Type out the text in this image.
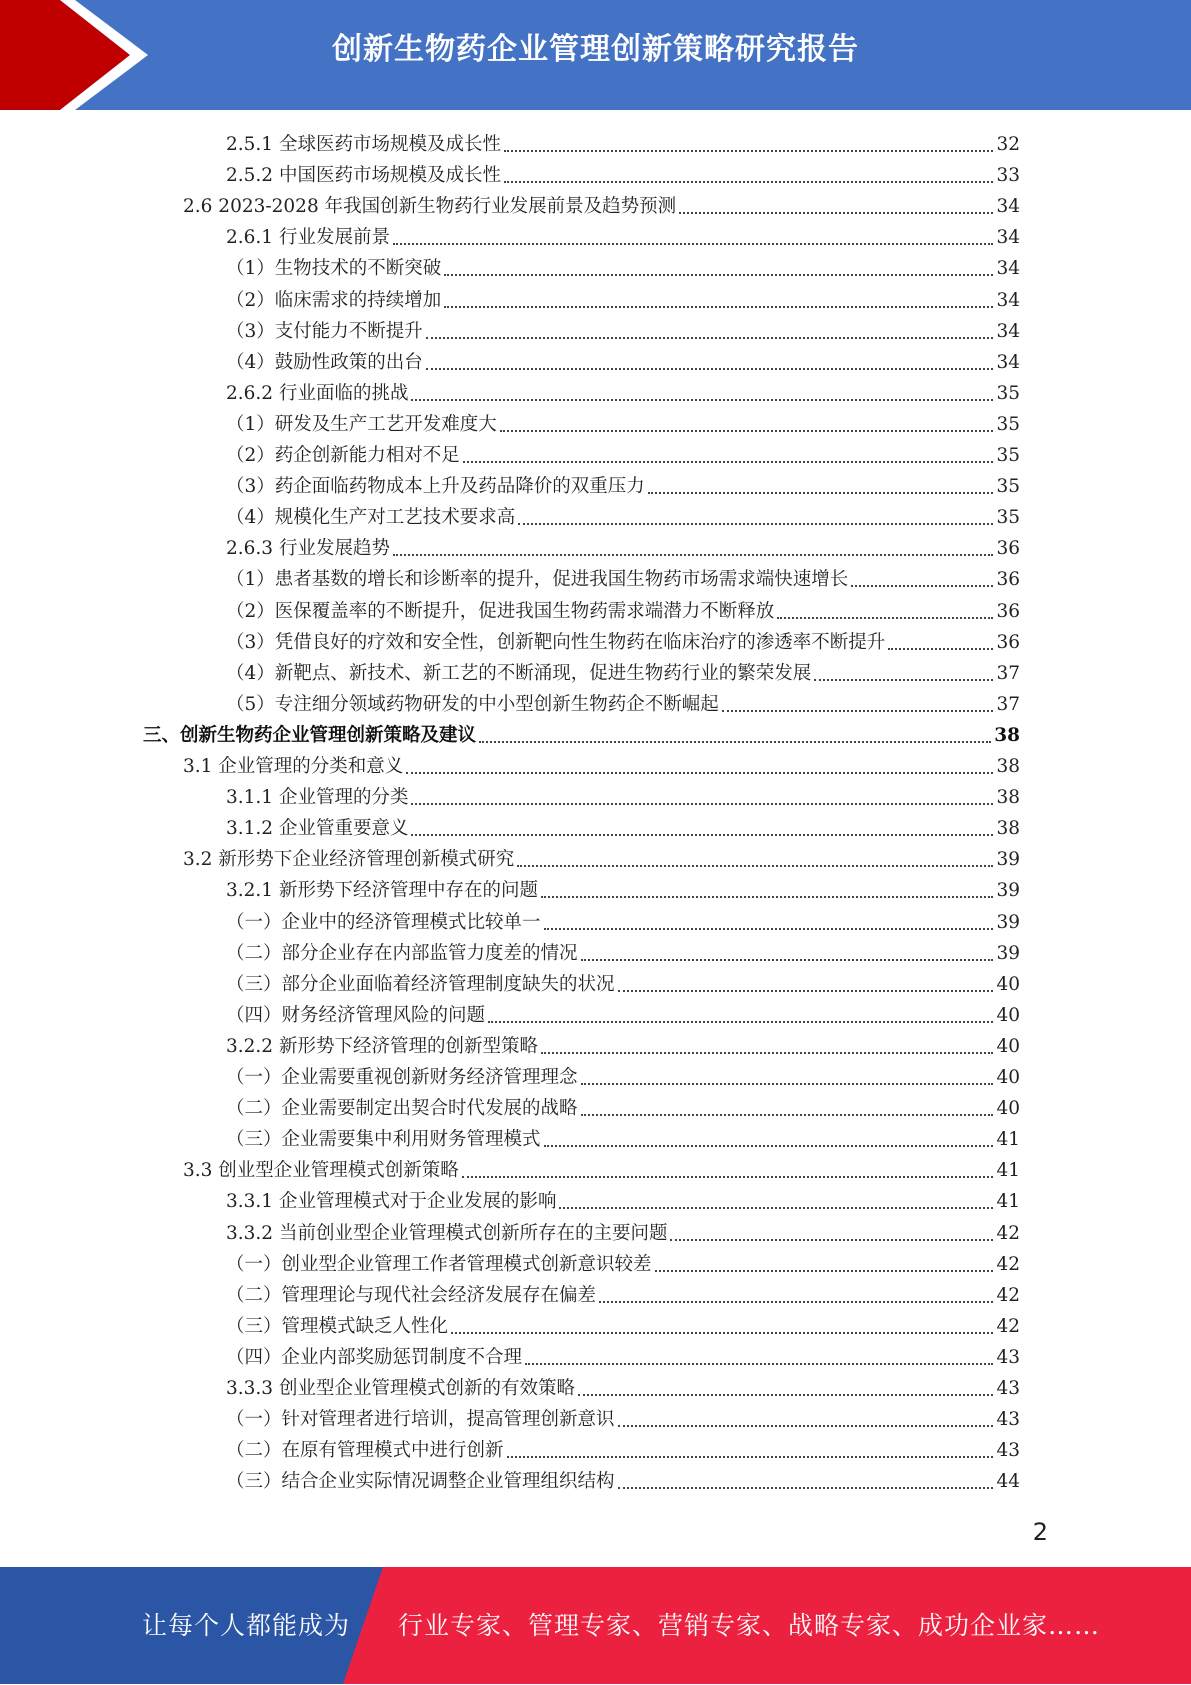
创新生物药企业管理创新策略研究报告
2.5.1 全球医药市场规模及成长性	32
2.5.2 中国医药市场规模及成长性	33
2.6 2023-2028 年我国创新生物药行业发展前景及趋势预测	34
2.6.1 行业发展前景	34
（1）生物技术的不断突破	34
（2）临床需求的持续增加	34
（3）支付能力不断提升	34
（4）鼓励性政策的出台	34
2.6.2 行业面临的挑战	35
（1）研发及生产工艺开发难度大	35
（2）药企创新能力相对不足	35
（3）药企面临药物成本上升及药品降价的双重压力	35
（4）规模化生产对工艺技术要求高	35
2.6.3 行业发展趋势	36
（1）患者基数的增长和诊断率的提升，促进我国生物药市场需求端快速增长	36
（2）医保覆盖率的不断提升，促进我国生物药需求端潜力不断释放	36
（3）凭借良好的疗效和安全性，创新靶向性生物药在临床治疗的渗透率不断提升	36
（4）新靶点、新技术、新工艺的不断涌现，促进生物药行业的繁荣发展	37
（5）专注细分领域药物研发的中小型创新生物药企不断崛起	37
三、创新生物药企业管理创新策略及建议	38
3.1 企业管理的分类和意义	38
3.1.1 企业管理的分类	38
3.1.2 企业管重要意义	38
3.2 新形势下企业经济管理创新模式研究	39
3.2.1 新形势下经济管理中存在的问题	39
（一）企业中的经济管理模式比较单一	39
（二）部分企业存在内部监管力度差的情况	39
（三）部分企业面临着经济管理制度缺失的状况	40
（四）财务经济管理风险的问题	40
3.2.2 新形势下经济管理的创新型策略	40
（一）企业需要重视创新财务经济管理理念	40
（二）企业需要制定出契合时代发展的战略	40
（三）企业需要集中利用财务管理模式	41
3.3 创业型企业管理模式创新策略	41
3.3.1 企业管理模式对于企业发展的影响	41
3.3.2 当前创业型企业管理模式创新所存在的主要问题	42
（一）创业型企业管理工作者管理模式创新意识较差	42
（二）管理理论与现代社会经济发展存在偏差	42
（三）管理模式缺乏人性化	42
（四）企业内部奖励惩罚制度不合理	43
3.3.3 创业型企业管理模式创新的有效策略	43
（一）针对管理者进行培训，提高管理创新意识	43
（二）在原有管理模式中进行创新	43
（三）结合企业实际情况调整企业管理组织结构	44
2
让每个人都能成为 行业专家、管理专家、营销专家、战略专家、成功企业家……
